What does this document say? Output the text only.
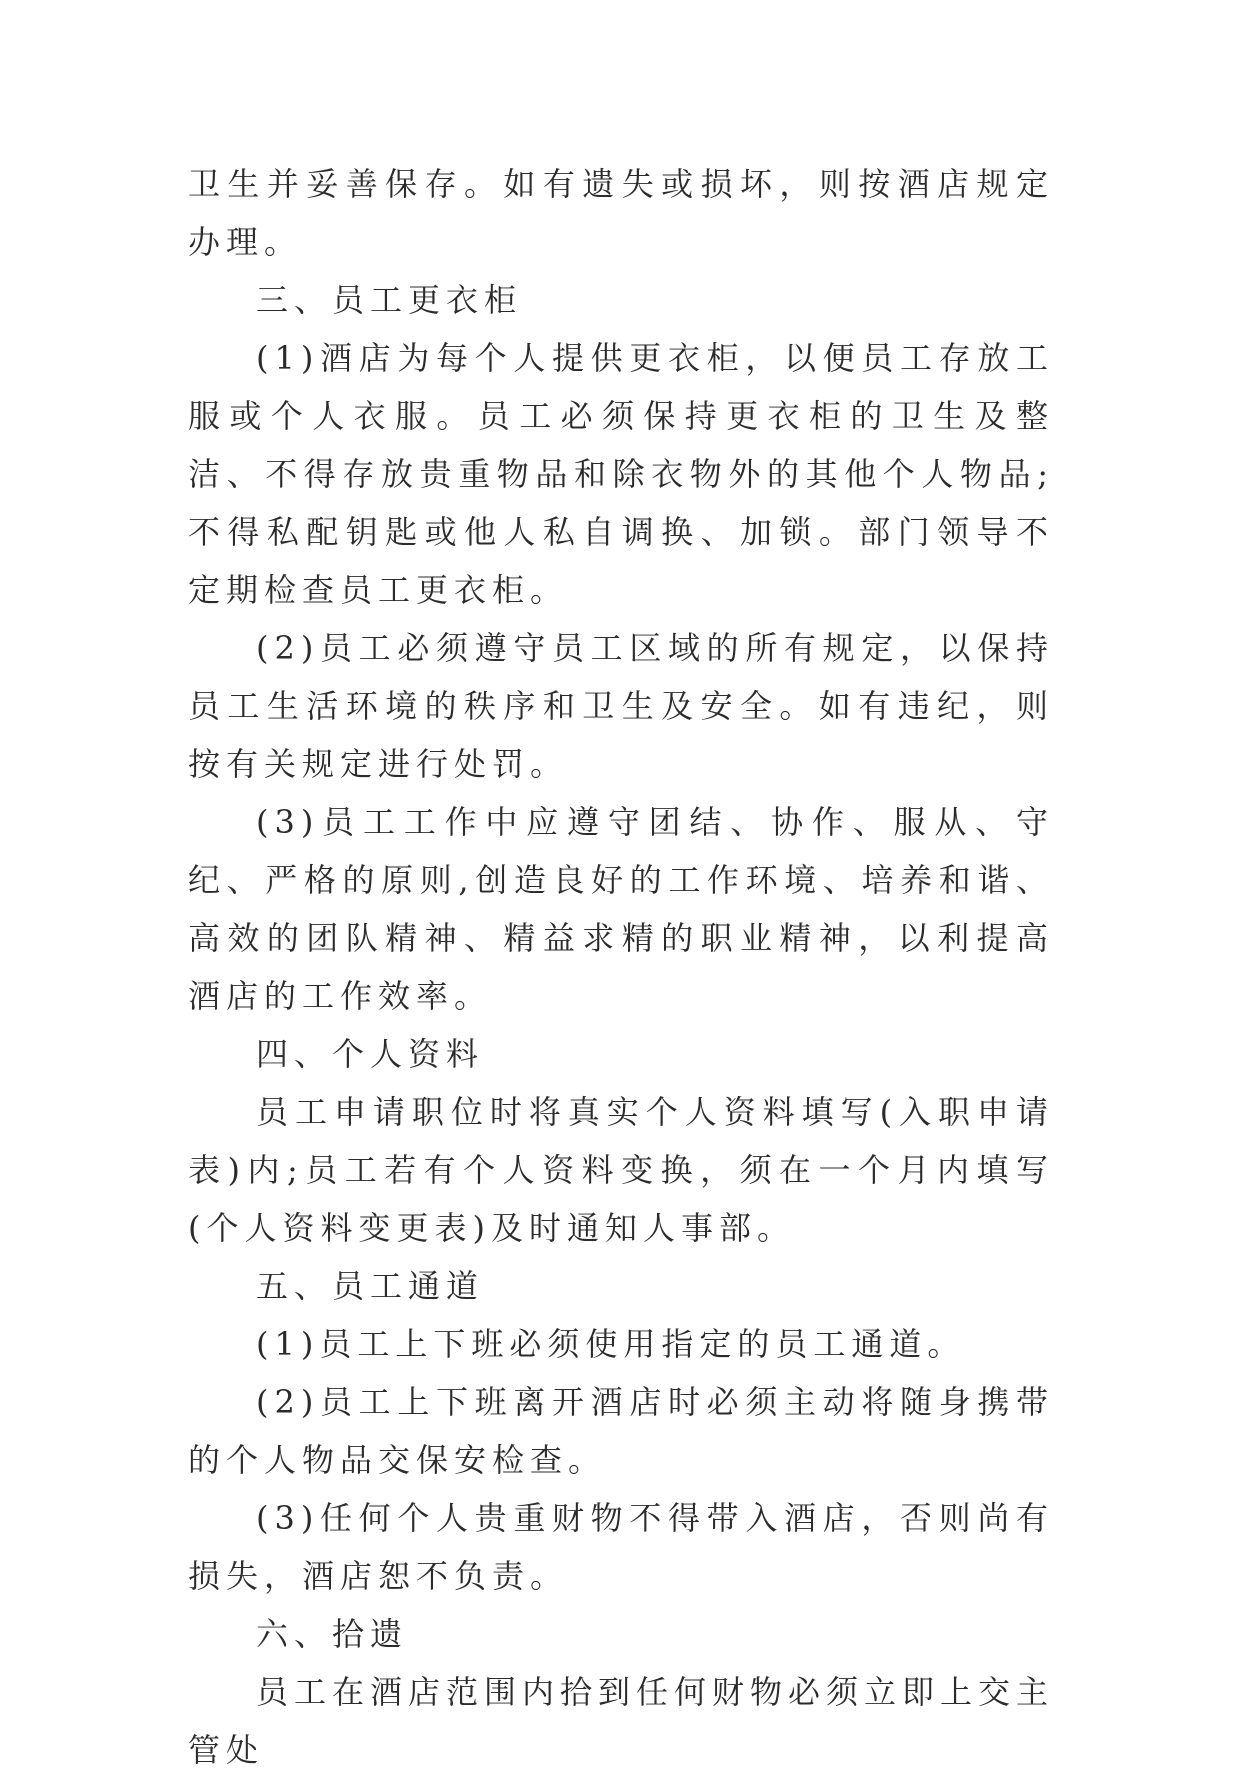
卫生并妥善保存。如有遗失或损坏，则按酒店规定办理。

三、员工更衣柜

(1)酒店为每个人提供更衣柜，以便员工存放工服或个人衣服。员工必须保持更衣柜的卫生及整洁、不得存放贵重物品和除衣物外的其他个人物品;不得私配钥匙或他人私自调换、加锁。部门领导不定期检查员工更衣柜。

(2)员工必须遵守员工区域的所有规定，以保持员工生活环境的秩序和卫生及安全。如有违纪，则按有关规定进行处罚。

(3)员工工作中应遵守团结、协作、服从、守纪、严格的原则,创造良好的工作环境、培养和谐、高效的团队精神、精益求精的职业精神，以利提高酒店的工作效率。

四、个人资料

员工申请职位时将真实个人资料填写(入职申请表)内;员工若有个人资料变换，须在一个月内填写(个人资料变更表)及时通知人事部。

五、员工通道

(1)员工上下班必须使用指定的员工通道。

(2)员工上下班离开酒店时必须主动将随身携带的个人物品交保安检查。

(3)任何个人贵重财物不得带入酒店，否则尚有损失，酒店恕不负责。

六、拾遗

员工在酒店范围内拾到任何财物必须立即上交主管处
